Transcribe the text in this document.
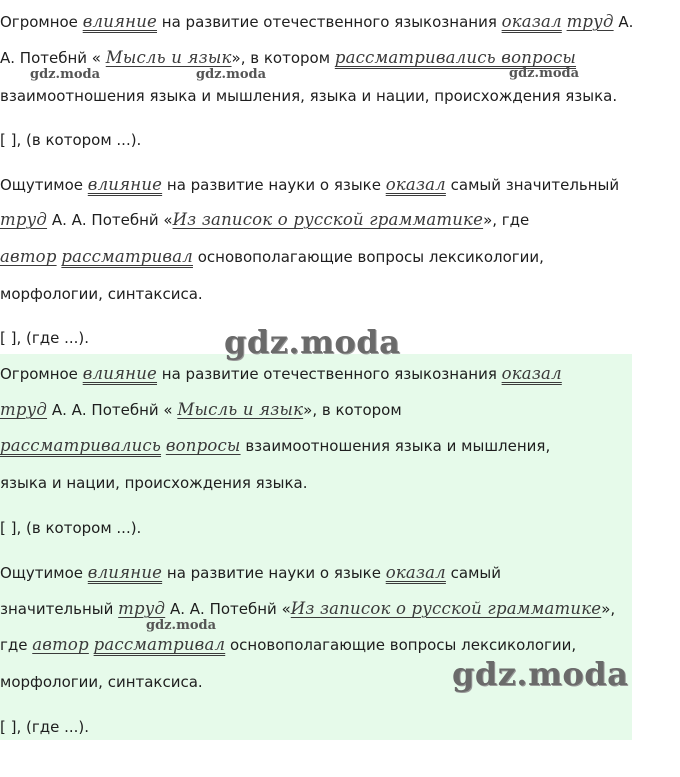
Огромное влияние на развитие отечественного языкознания оказал труд А.
А. Потебнй « Мысль и язык», в котором рассматривались вопросы
взаимоотношения языка и мышления, языка и нации, происхождения языка.
[ ], (в котором ...).
Ощутимое влияние на развитие науки о языке оказал самый значительный
труд А. А. Потебнй «Из записок о русской грамматике», где
автор рассматривал основополагающие вопросы лексикологии,
морфологии, синтаксиса.
[ ], (где ...).
Огромное влияние на развитие отечественного языкознания оказал
труд А. А. Потебнй « Мысль и язык», в котором
рассматривались вопросы взаимоотношения языка и мышления,
языка и нации, происхождения языка.
[ ], (в котором ...).
Ощутимое влияние на развитие науки о языке оказал самый
значительный труд А. А. Потебнй «Из записок о русской грамматике»,
где автор рассматривал основополагающие вопросы лексикологии,
морфологии, синтаксиса.
[ ], (где ...).
gdz.moda	gdz.moda	gdz.moda
gdz.moda
gdz.moda
gdz.moda
